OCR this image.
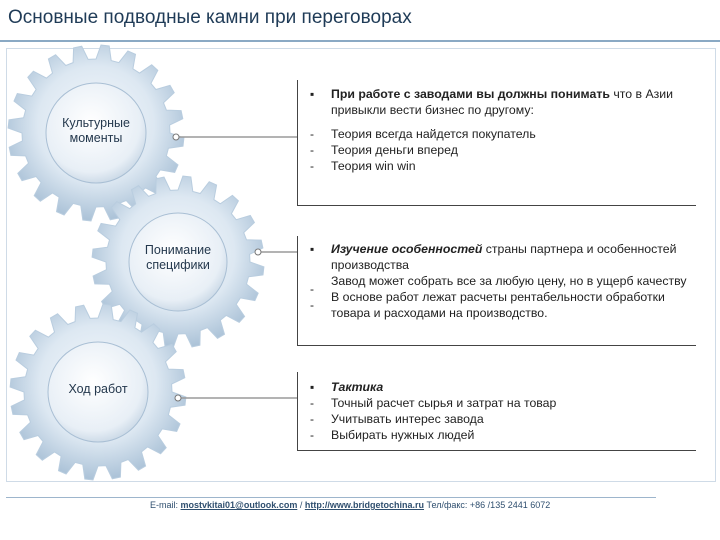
Основные подводные камни при переговорах
Культурные
моменты
Понимание
специфики
Ход работ
▪	При работе с заводами вы должны понимать что в Азии привыкли вести бизнес по другому:
-	Теория всегда найдется покупатель
-	Теория деньги вперед
-	Теория win win
▪	Изучение особенностей страны партнера и особенностей производства
-
Завод может собрать все за любую цену, но в ущерб качеству
-
В основе работ лежат расчеты рентабельности обработки товара и расходами на производство.
▪	Тактика
-	Точный расчет сырья и затрат на товар
-	Учитывать интерес завода
-	Выбирать нужных людей
E-mail: mostvkitai01@outlook.com / http://www.bridgetochina.ru Тел/факс: +86 /135 2441 6072
